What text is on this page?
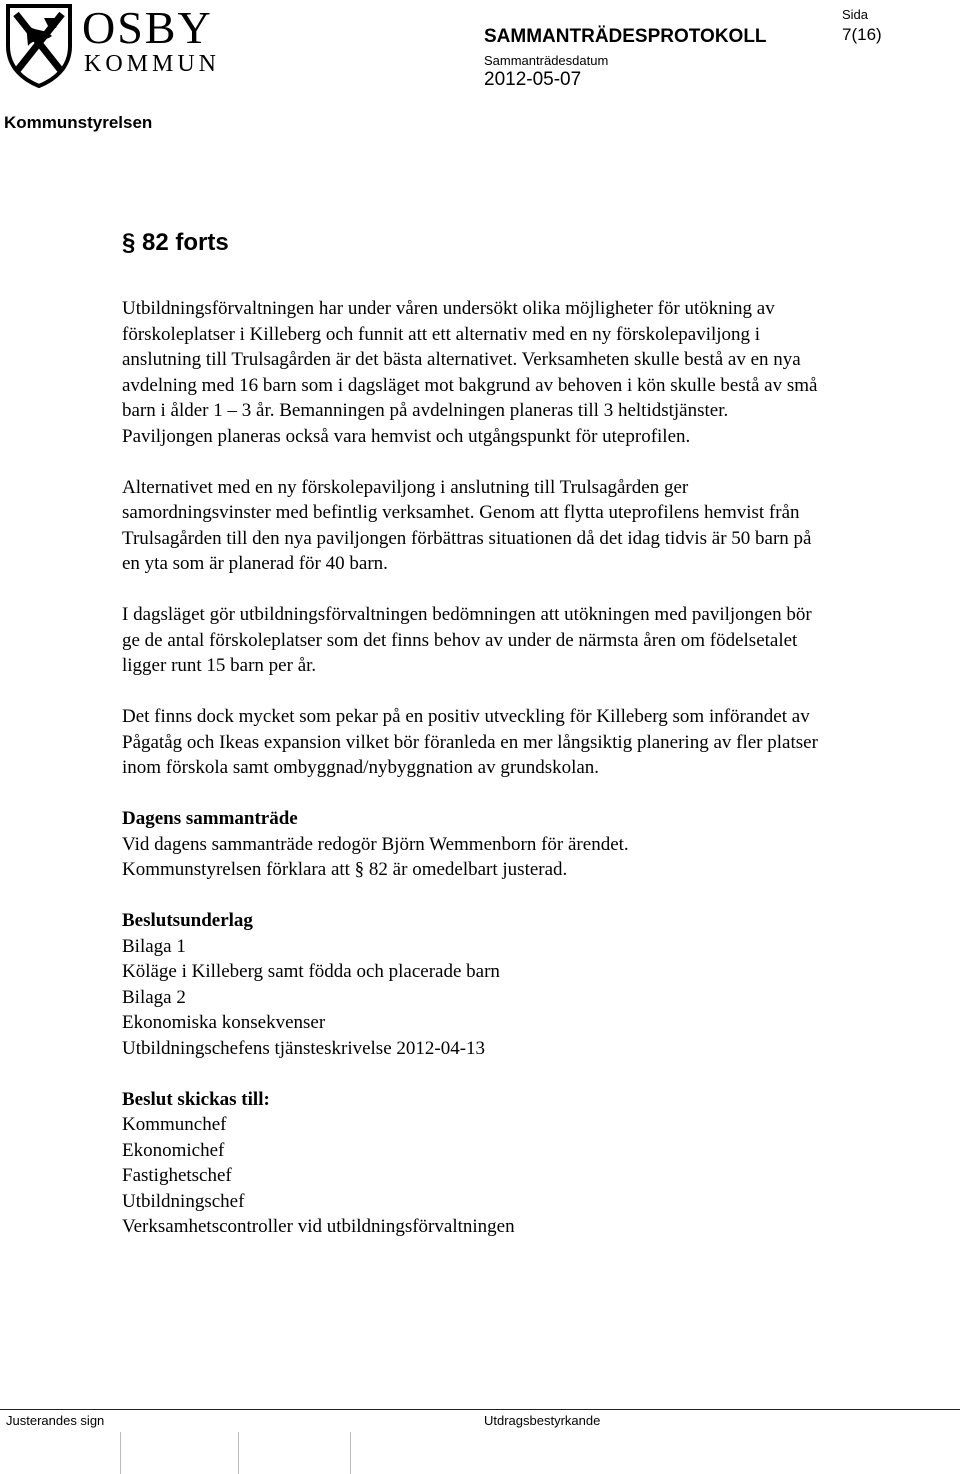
OSBY
KOMMUN
SAMMANTRÄDESPROTOKOLL
Sammanträdesdatum
2012-05-07
Sida
7(16)
Kommunstyrelsen
§ 82 forts

Utbildningsförvaltningen har under våren undersökt olika möjligheter för utökning av förskoleplatser i Killeberg och funnit att ett alternativ med en ny förskolepaviljong i anslutning till Trulsagården är det bästa alternativet. Verksamheten skulle bestå av en nya avdelning med 16 barn som i dagsläget mot bakgrund av behoven i kön skulle bestå av små barn i ålder 1 – 3 år. Bemanningen på avdelningen planeras till 3 heltidstjänster. Paviljongen planeras också vara hemvist och utgångspunkt för uteprofilen.

Alternativet med en ny förskolepaviljong i anslutning till Trulsagården ger samordningsvinster med befintlig verksamhet. Genom att flytta uteprofilens hemvist från Trulsagården till den nya paviljongen förbättras situationen då det idag tidvis är 50 barn på en yta som är planerad för 40 barn.

I dagsläget gör utbildningsförvaltningen bedömningen att utökningen med paviljongen bör ge de antal förskoleplatser som det finns behov av under de närmsta åren om födelsetalet ligger runt 15 barn per år.

Det finns dock mycket som pekar på en positiv utveckling för Killeberg som införandet av Pågatåg och Ikeas expansion vilket bör föranleda en mer långsiktig planering av fler platser inom förskola samt ombyggnad/nybyggnation av grundskolan.

Dagens sammanträde
Vid dagens sammanträde redogör Björn Wemmenborn för ärendet.
Kommunstyrelsen förklara att § 82 är omedelbart justerad.

Beslutsunderlag
Bilaga 1
Köläge i Killeberg samt födda och placerade barn
Bilaga 2
Ekonomiska konsekvenser
Utbildningschefens tjänsteskrivelse 2012-04-13

Beslut skickas till:
Kommunchef
Ekonomichef
Fastighetschef
Utbildningschef
Verksamhetscontroller vid utbildningsförvaltningen

Justerandes sign	Utdragsbestyrkande
